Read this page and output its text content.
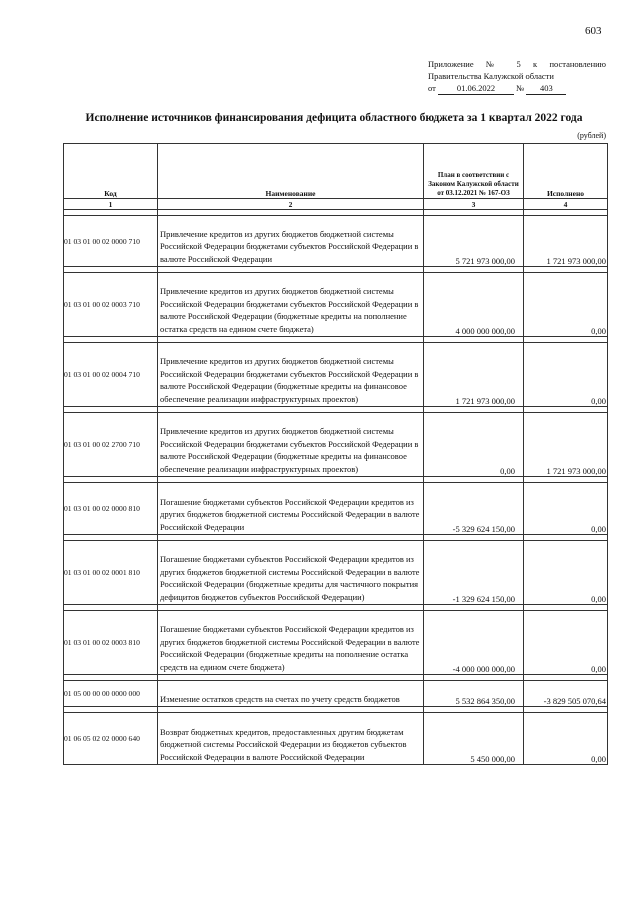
603
Приложение № 5 к постановлению
Правительства Калужской области
от 01.06.2022 № 403
Исполнение источников финансирования дефицита областного бюджета за 1 квартал 2022 года
(рублей)
Код	Наименование	План в соответствии с Законом Калужской области от 03.12.2021 № 167-ОЗ	Исполнено
1	2	3	4

01 03 01 00 02 0000 710	Привлечение кредитов из других бюджетов бюджетной системы Российской Федерации бюджетами субъектов Российской Федерации в валюте Российской Федерации	5 721 973 000,00	1 721 973 000,00

01 03 01 00 02 0003 710	Привлечение кредитов из других бюджетов бюджетной системы Российской Федерации бюджетами субъектов Российской Федерации в валюте Российской Федерации (бюджетные кредиты на пополнение остатка средств на едином счете бюджета)	4 000 000 000,00	0,00

01 03 01 00 02 0004 710	Привлечение кредитов из других бюджетов бюджетной системы Российской Федерации бюджетами субъектов Российской Федерации в валюте Российской Федерации (бюджетные кредиты на финансовое обеспечение реализации инфраструктурных проектов)	1 721 973 000,00	0,00

01 03 01 00 02 2700 710	Привлечение кредитов из других бюджетов бюджетной системы Российской Федерации бюджетами субъектов Российской Федерации в валюте Российской Федерации (бюджетные кредиты на финансовое обеспечение реализации инфраструктурных проектов)	0,00	1 721 973 000,00

01 03 01 00 02 0000 810	Погашение бюджетами субъектов Российской Федерации кредитов из других бюджетов бюджетной системы Российской Федерации в валюте Российской Федерации	-5 329 624 150,00	0,00

01 03 01 00 02 0001 810	Погашение бюджетами субъектов Российской Федерации кредитов из других бюджетов бюджетной системы Российской Федерации в валюте Российской Федерации (бюджетные кредиты для частичного покрытия дефицитов бюджетов субъектов Российской Федерации)	-1 329 624 150,00	0,00

01 03 01 00 02 0003 810	Погашение бюджетами субъектов Российской Федерации кредитов из других бюджетов бюджетной системы Российской Федерации в валюте Российской Федерации (бюджетные кредиты на пополнение остатка средств на едином счете бюджета)	-4 000 000 000,00	0,00

01 05 00 00 00 0000 000	Изменение остатков средств на счетах по учету средств бюджетов	5 532 864 350,00	-3 829 505 070,64

01 06 05 02 02 0000 640	Возврат бюджетных кредитов, предоставленных другим бюджетам бюджетной системы Российской Федерации из бюджетов субъектов Российской Федерации в валюте Российской Федерации	5 450 000,00	0,00
